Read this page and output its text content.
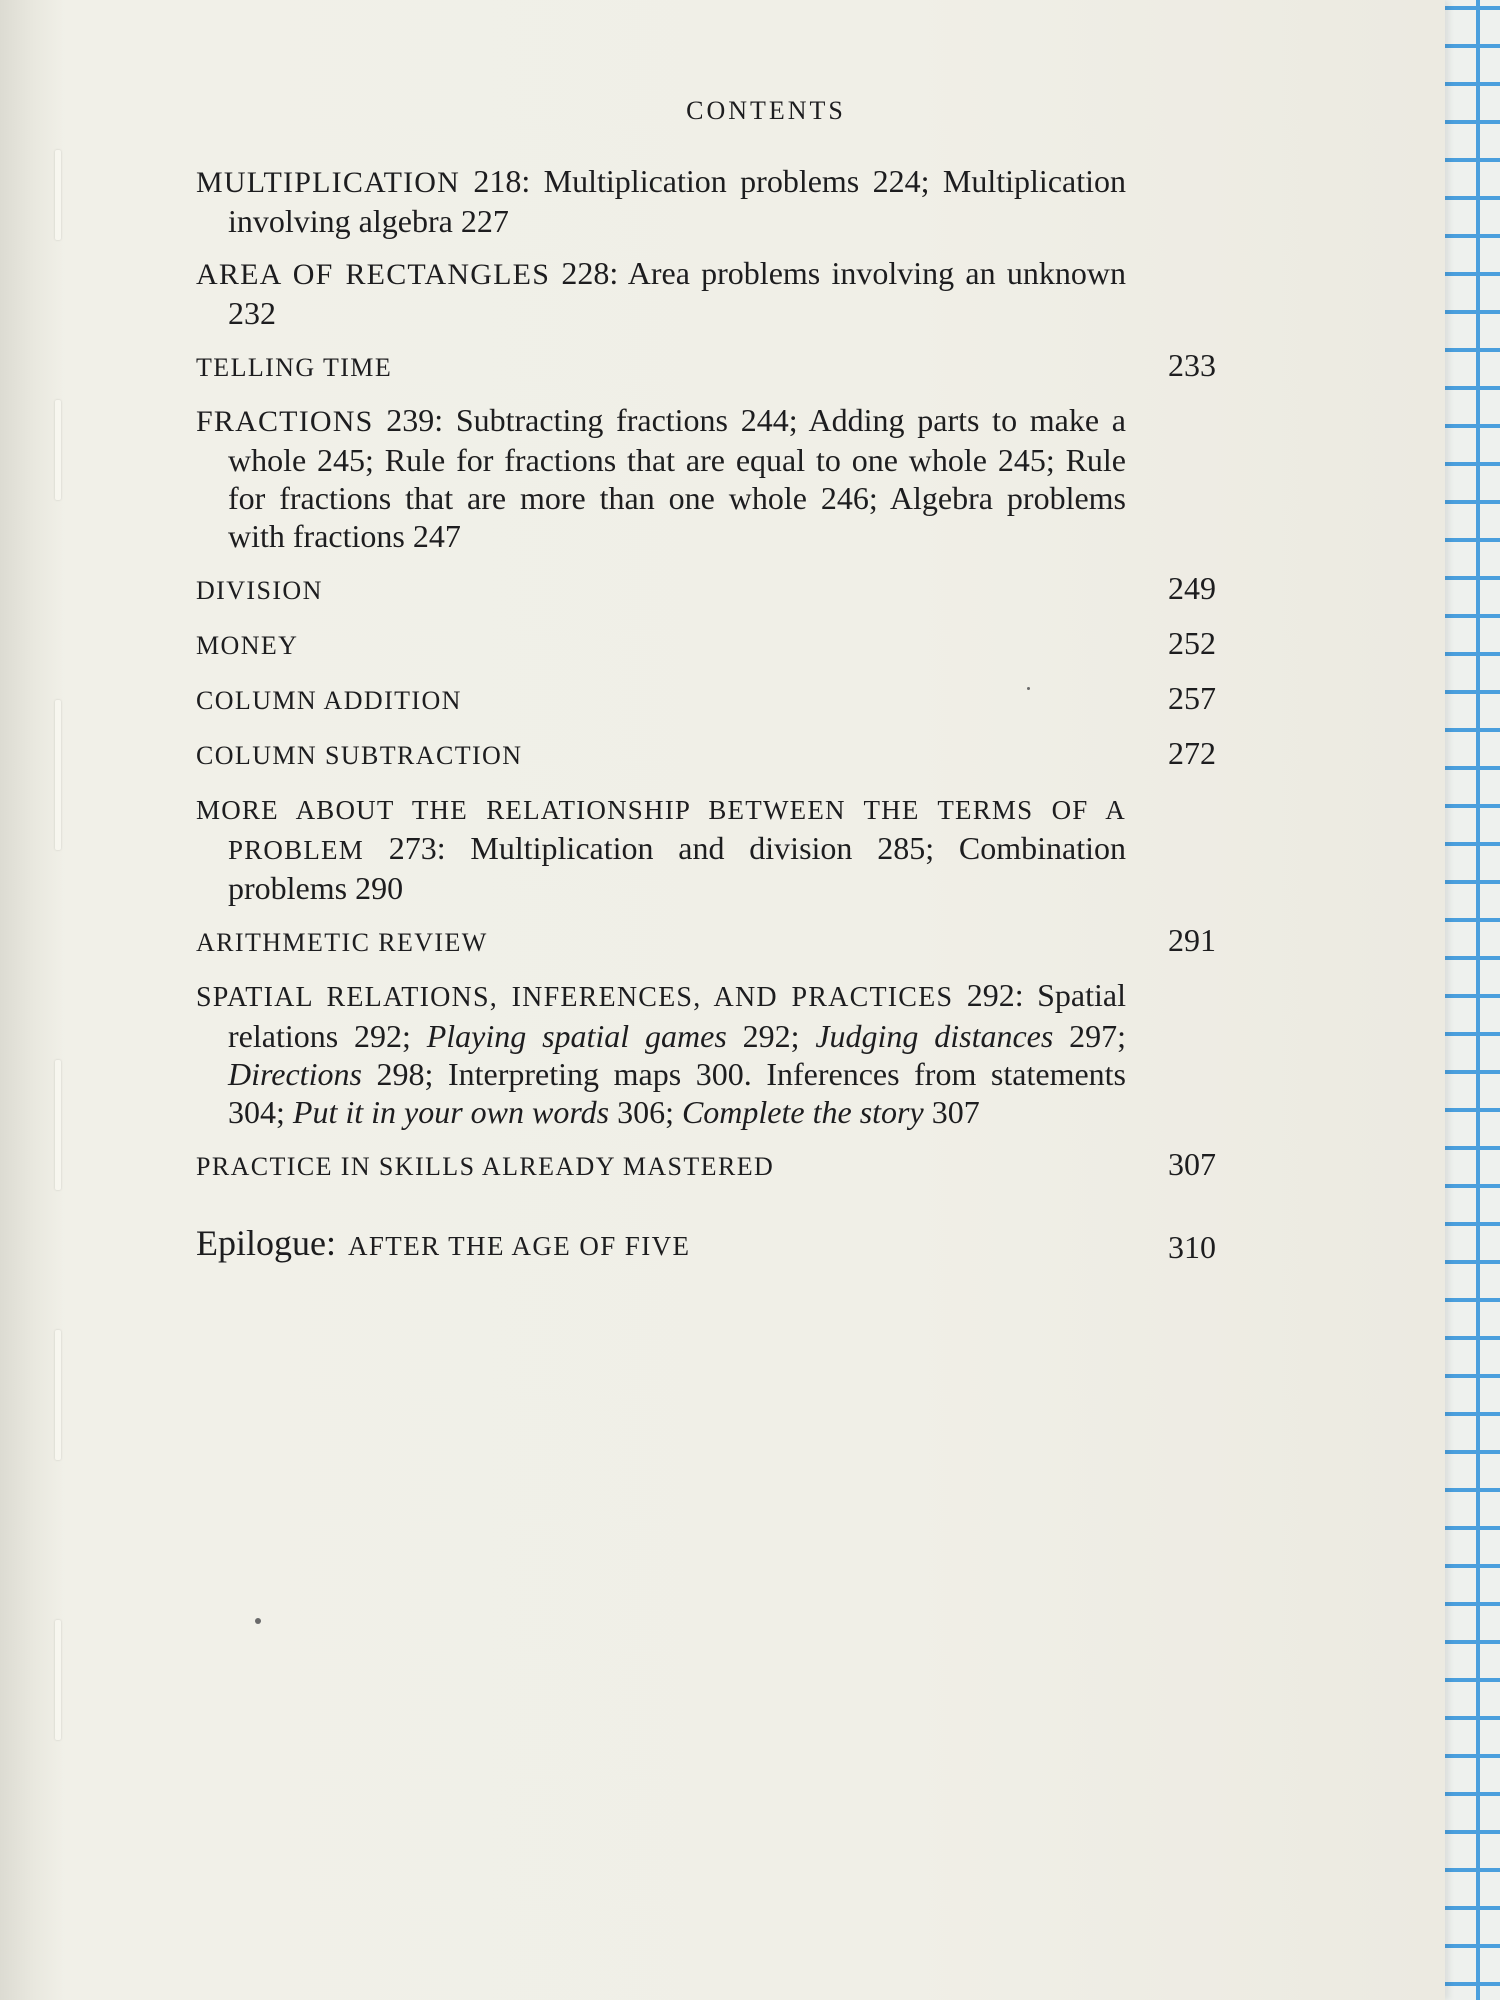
CONTENTS
MULTIPLICATION 218: Multiplication problems 224; Multiplication involving algebra 227
AREA OF RECTANGLES 228: Area problems involving an unknown 232
TELLING TIME	233
FRACTIONS 239: Subtracting fractions 244; Adding parts to make a whole 245; Rule for fractions that are equal to one whole 245; Rule for fractions that are more than one whole 246; Algebra problems with fractions 247
DIVISION	249
MONEY	252
COLUMN ADDITION	257
COLUMN SUBTRACTION	272
MORE ABOUT THE RELATIONSHIP BETWEEN THE TERMS OF A PROBLEM 273: Multiplication and division 285; Combination problems 290
ARITHMETIC REVIEW	291
SPATIAL RELATIONS, INFERENCES, AND PRACTICES 292: Spatial relations 292; Playing spatial games 292; Judging distances 297; Directions 298; Interpreting maps 300. Inferences from statements 304; Put it in your own words 306; Complete the story 307
PRACTICE IN SKILLS ALREADY MASTERED	307
Epilogue: AFTER THE AGE OF FIVE	310
